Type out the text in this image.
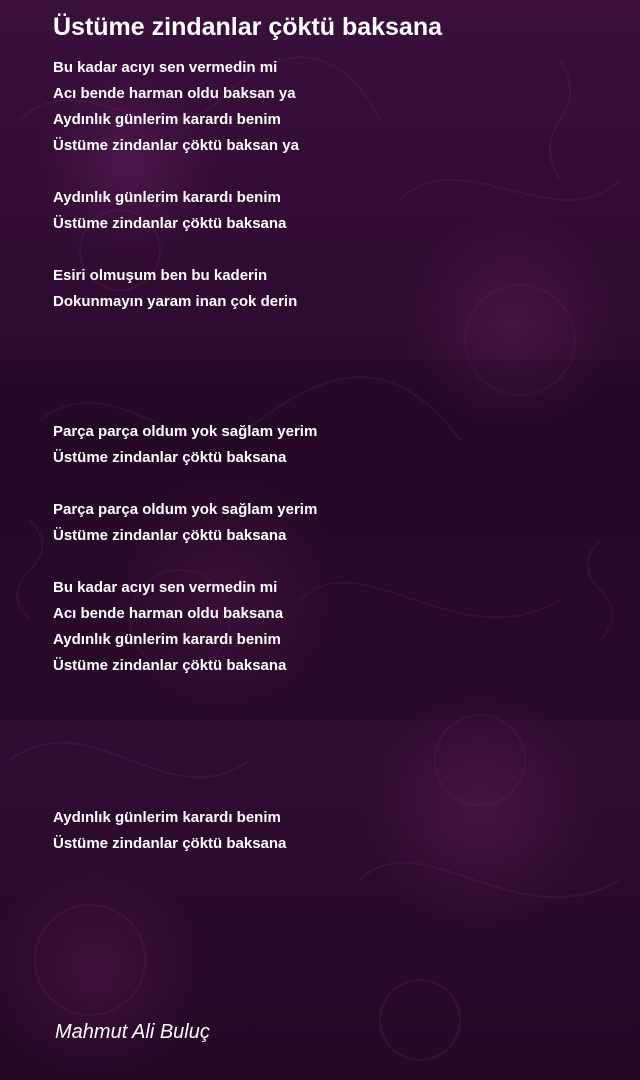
Üstüme zindanlar çöktü baksana
Bu kadar acıyı sen vermedin mi
Acı bende harman oldu baksan ya
Aydınlık günlerim karardı benim
Üstüme zindanlar çöktü baksan ya
Aydınlık günlerim karardı benim
Üstüme zindanlar çöktü baksana
Esiri olmuşum ben bu kaderin
Dokunmayın yaram inan çok derin
Parça parça oldum yok sağlam yerim
Üstüme zindanlar çöktü baksana
Parça parça oldum yok sağlam yerim
Üstüme zindanlar çöktü baksana
Bu kadar acıyı sen vermedin mi
Acı bende harman oldu baksana
Aydınlık günlerim karardı benim
Üstüme zindanlar çöktü baksana
Aydınlık günlerim karardı benim
Üstüme zindanlar çöktü baksana
Mahmut Ali Buluç
